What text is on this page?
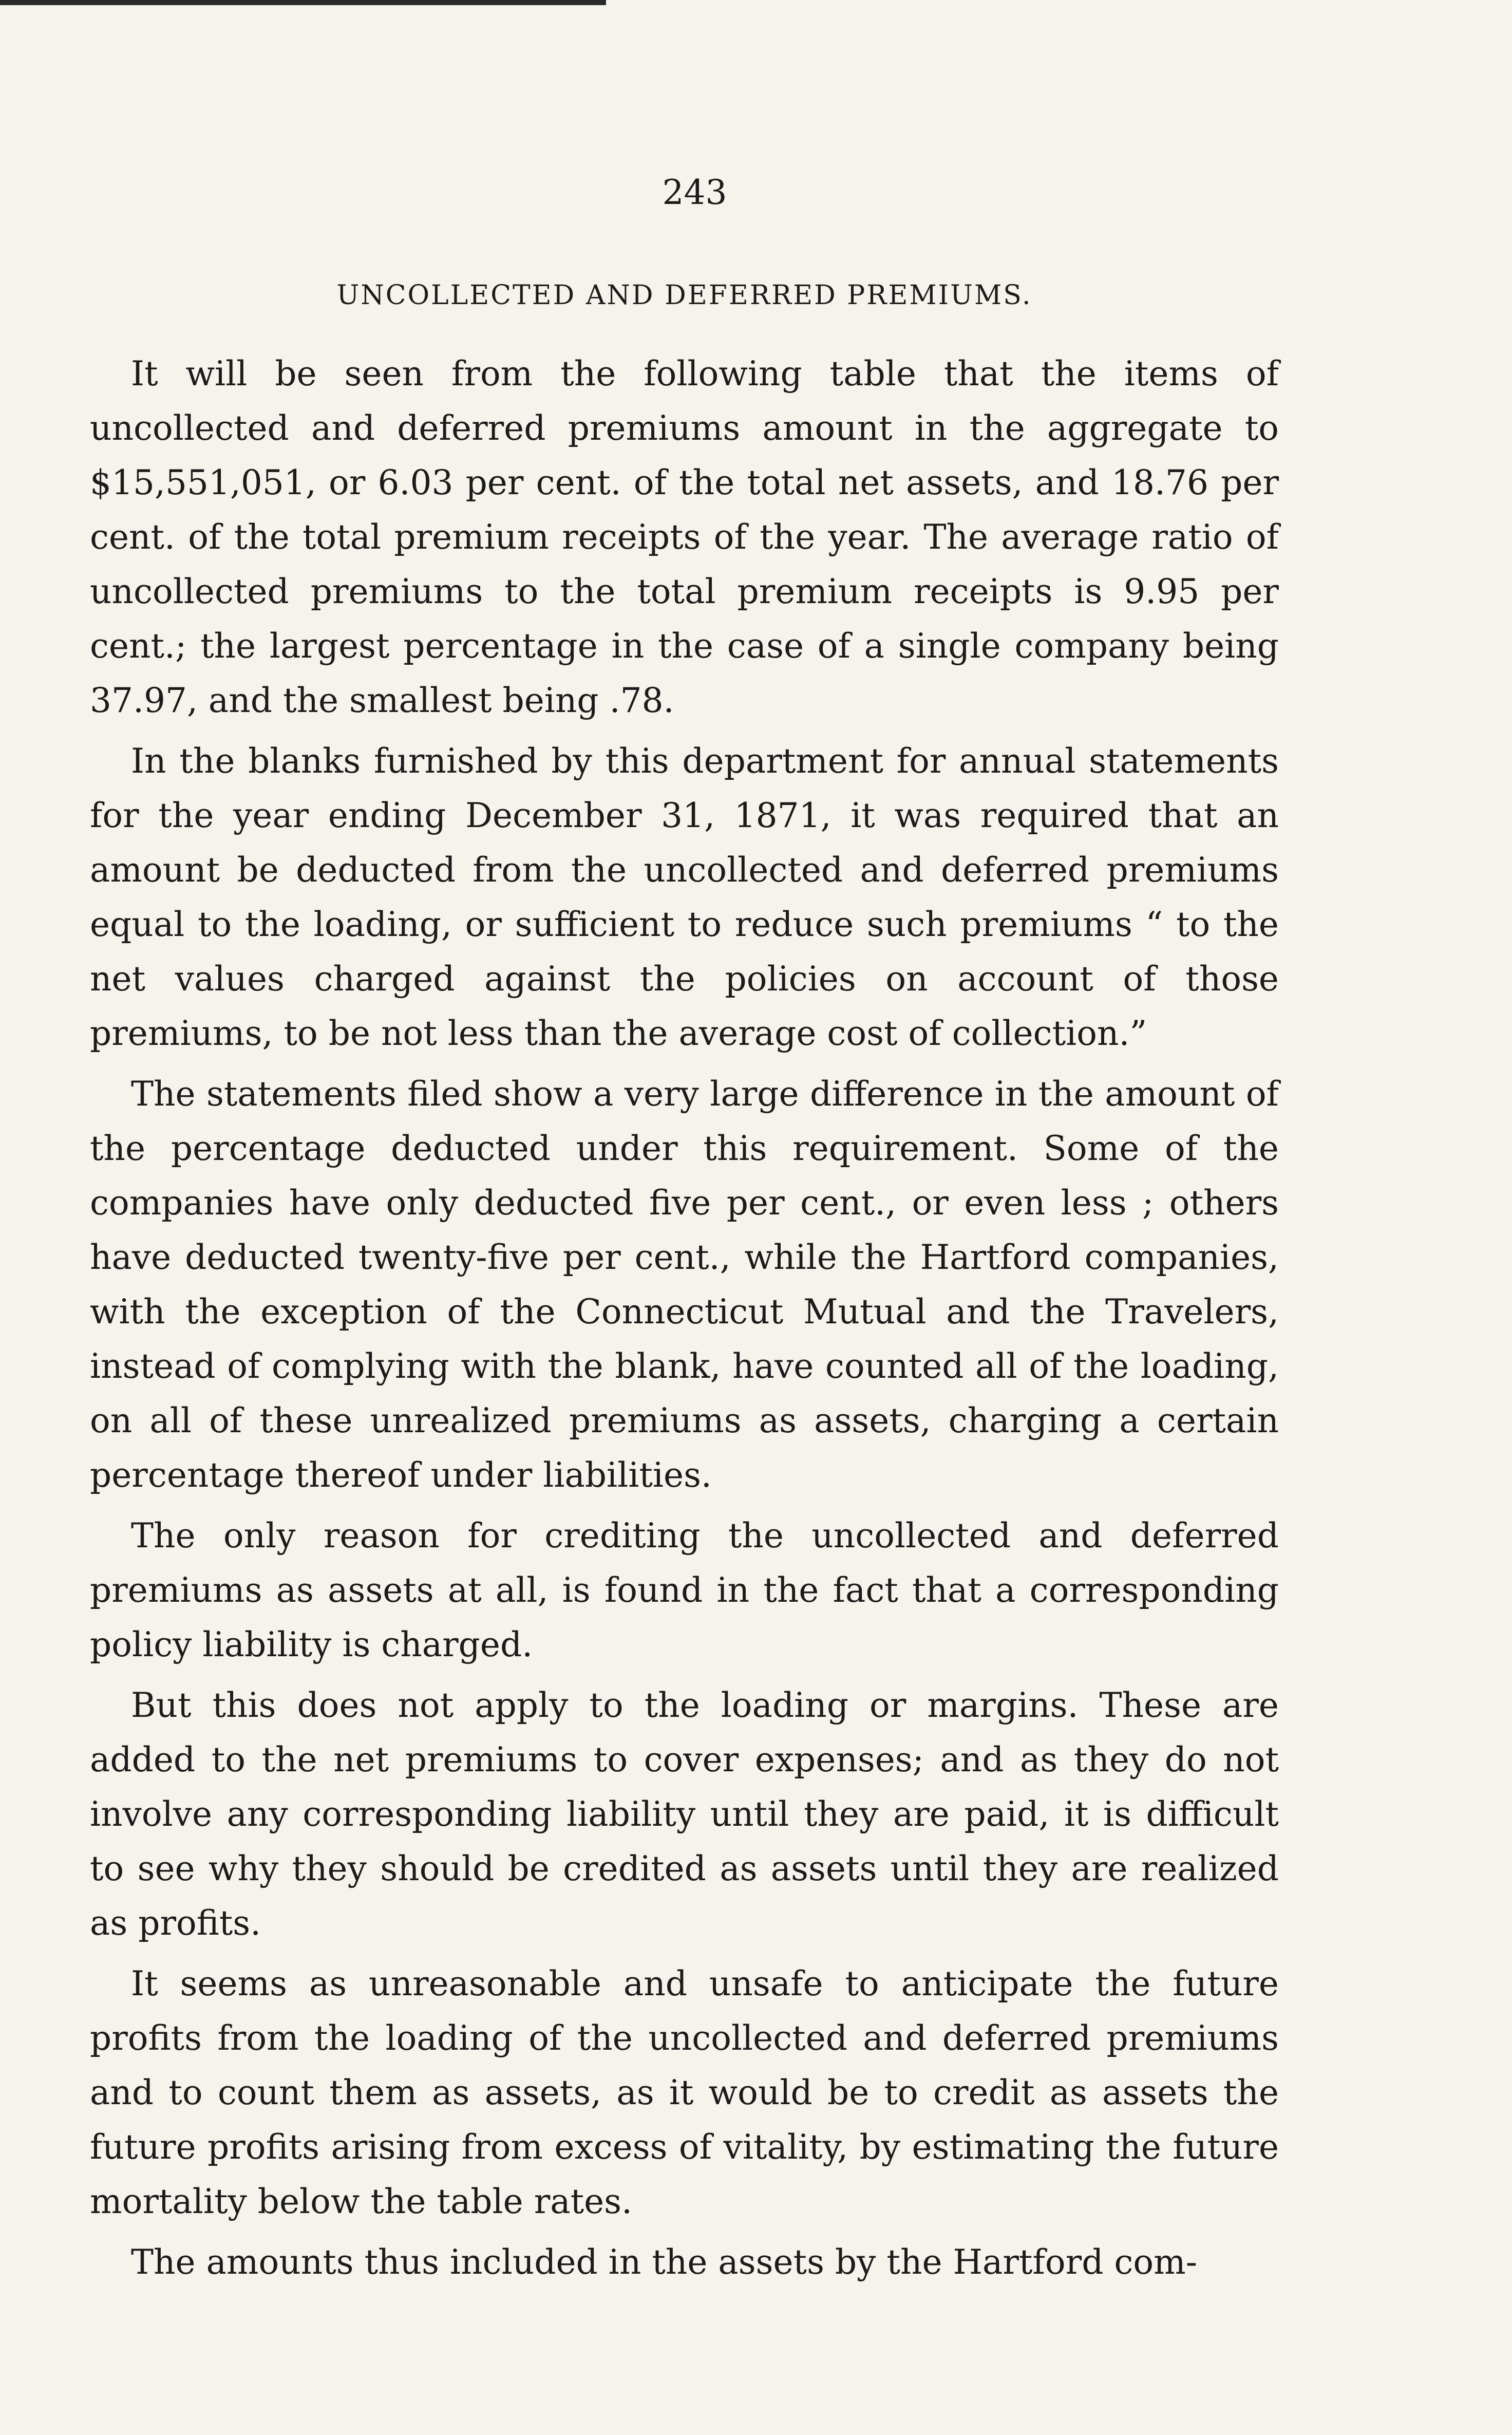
243
UNCOLLECTED AND DEFERRED PREMIUMS.

It will be seen from the following table that the items of uncollected and deferred premiums amount in the aggregate to $15,551,051, or 6.03 per cent. of the total net assets, and 18.76 per cent. of the total premium receipts of the year. The average ratio of uncollected premiums to the total premium receipts is 9.95 per cent.; the largest percentage in the case of a single company being 37.97, and the smallest being .78.

In the blanks furnished by this department for annual statements for the year ending December 31, 1871, it was required that an amount be deducted from the uncollected and deferred premiums equal to the loading, or sufficient to reduce such premiums “ to the net values charged against the policies on account of those premiums, to be not less than the average cost of collection.”

The statements filed show a very large difference in the amount of the percentage deducted under this requirement. Some of the companies have only deducted five per cent., or even less ; others have deducted twenty-five per cent., while the Hartford companies, with the exception of the Connecticut Mutual and the Travelers, instead of complying with the blank, have counted all of the loading, on all of these unrealized premiums as assets, charging a certain percentage thereof under liabilities.

The only reason for crediting the uncollected and deferred premiums as assets at all, is found in the fact that a corresponding policy liability is charged.

But this does not apply to the loading or margins. These are added to the net premiums to cover expenses; and as they do not involve any corresponding liability until they are paid, it is difficult to see why they should be credited as assets until they are realized as profits.

It seems as unreasonable and unsafe to anticipate the future profits from the loading of the uncollected and deferred premiums and to count them as assets, as it would be to credit as assets the future profits arising from excess of vitality, by estimating the future mortality below the table rates.

The amounts thus included in the assets by the Hartford com-
